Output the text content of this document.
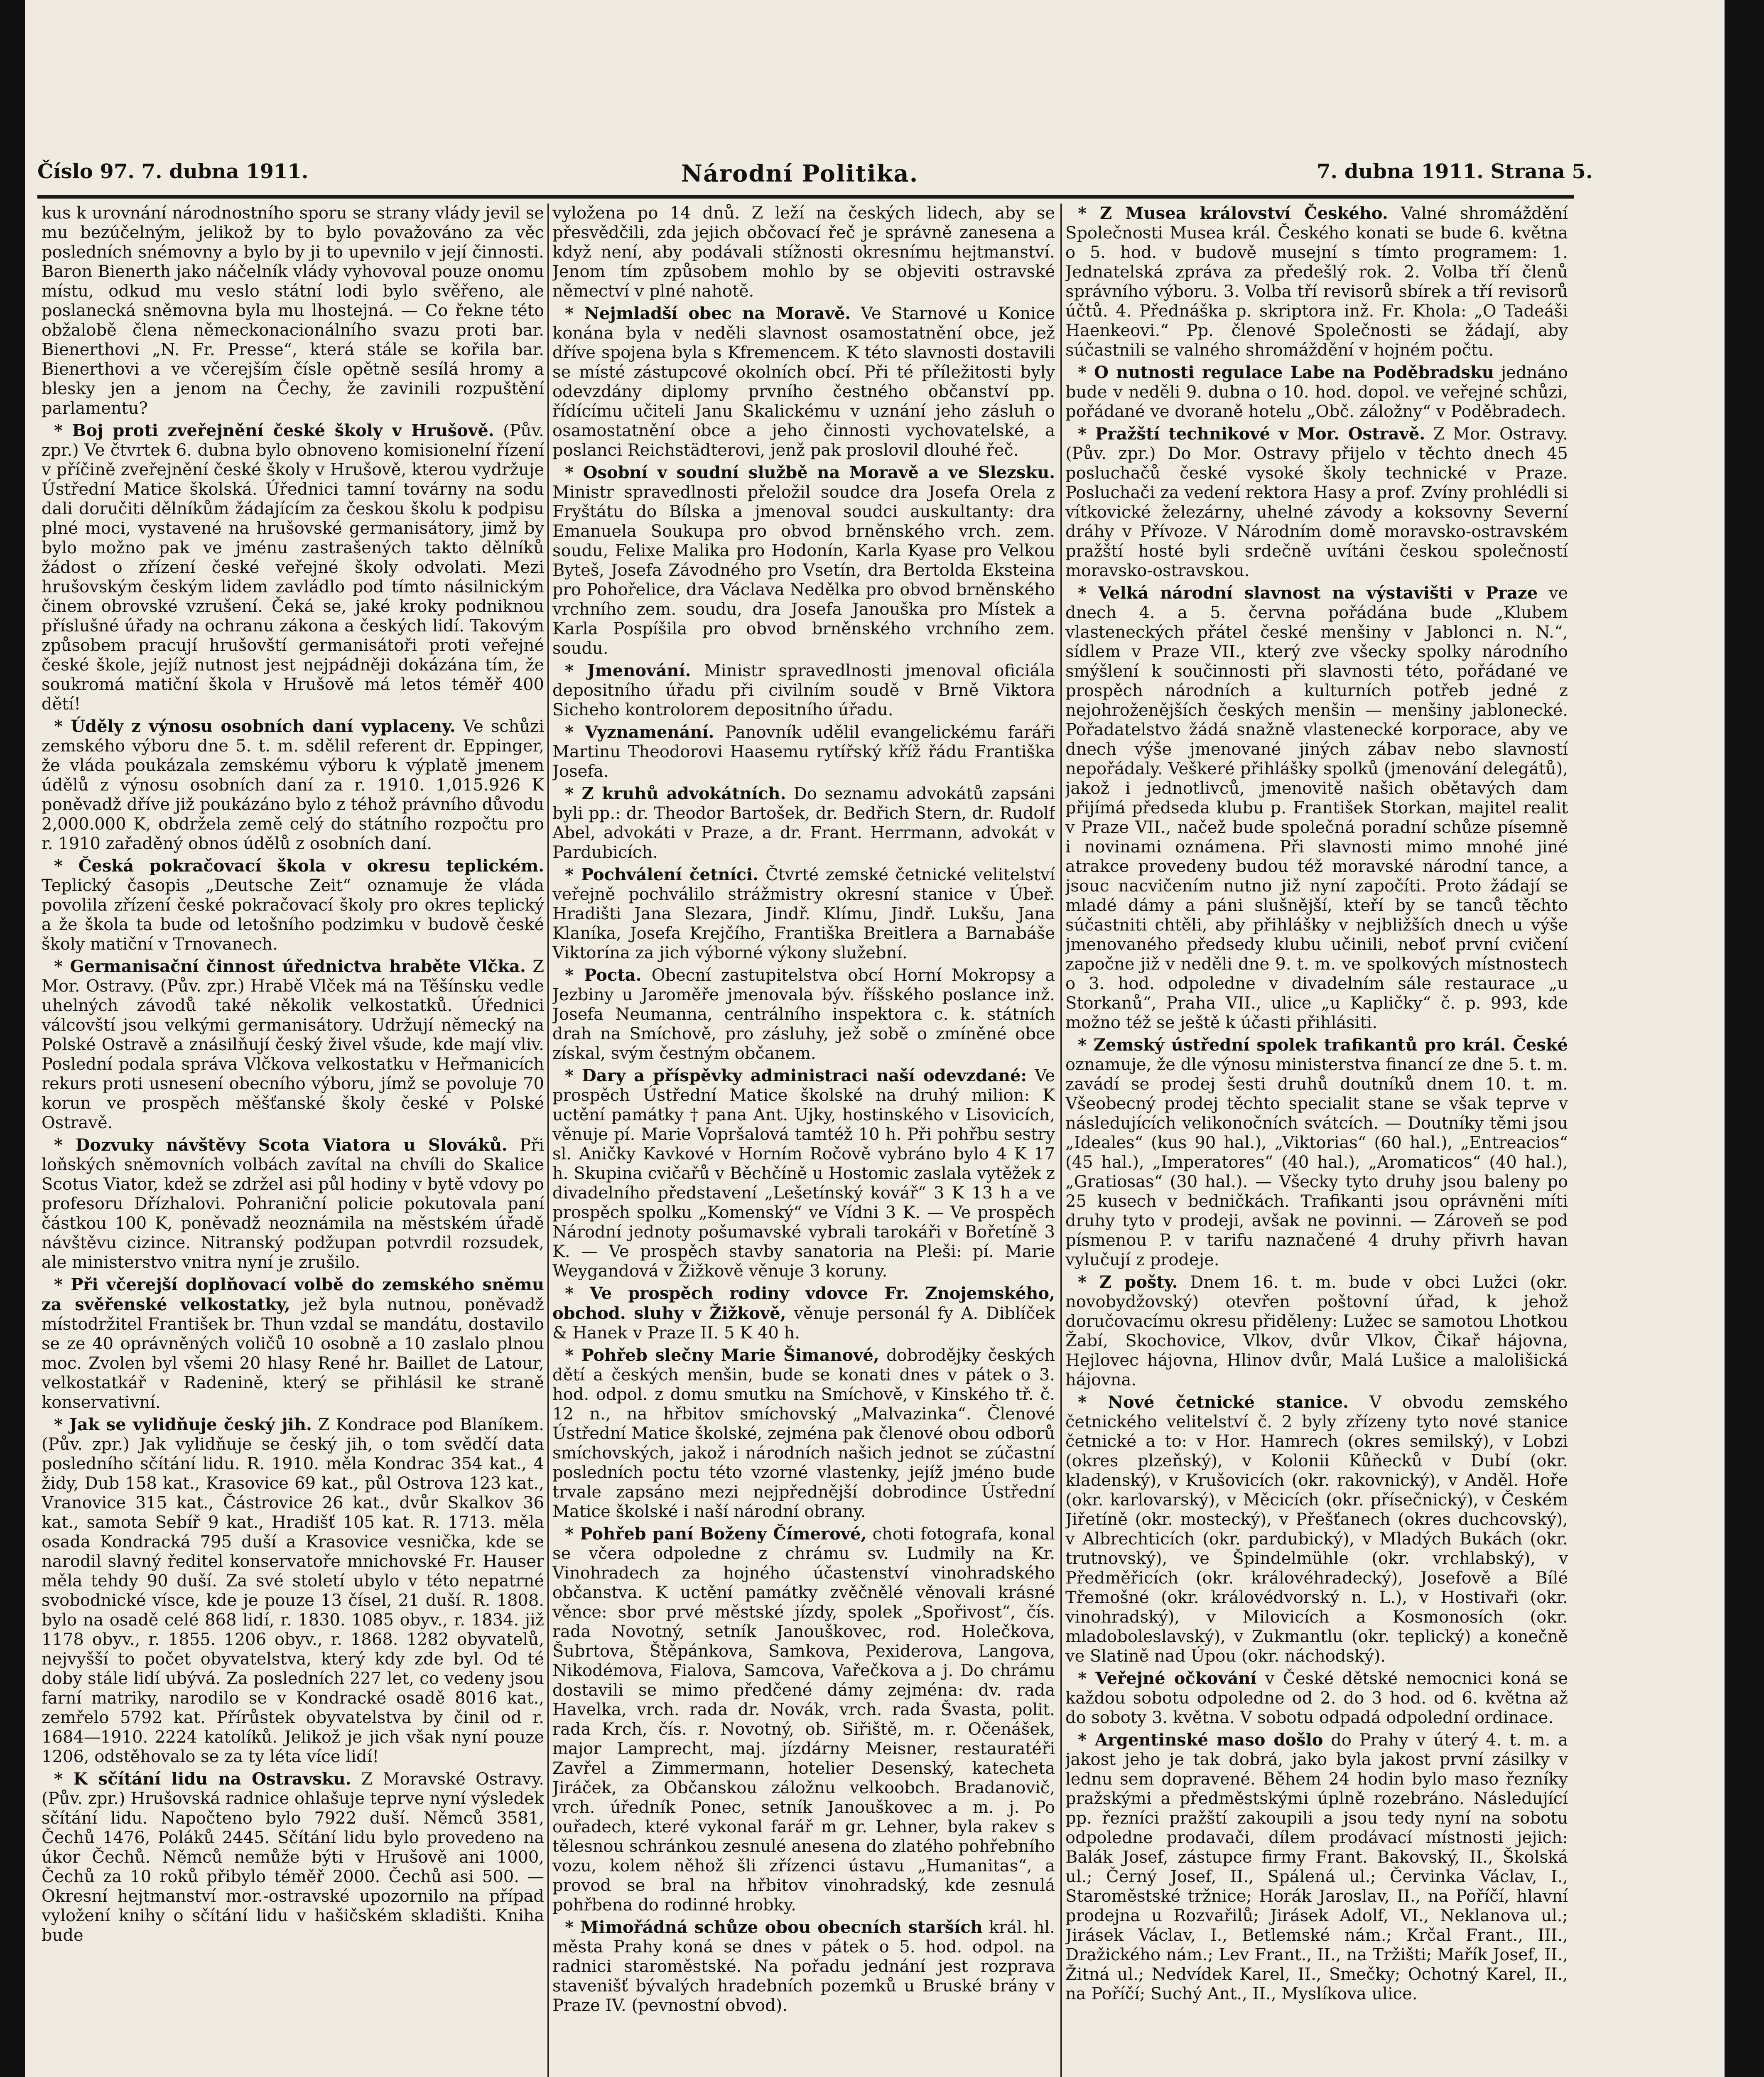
Číslo 97. 7. dubna 1911.	Národní Politika.	7. dubna 1911. Strana 5.

kus k urovnání národnostního sporu se strany vlády jevil se mu bezúčelným, jelikož by to bylo považováno za věc posledních snémovny a bylo by ji to upevnilo v její činnosti. Baron Bienerth jako náčelník vlády vyhovoval pouze onomu místu, odkud mu veslo státní lodi bylo svěřeno, ale poslanecká sněmovna byla mu lhostejná. — Co řekne této obžalobě člena německonacionálního svazu proti bar. Bienerthovi „N. Fr. Presse“, která stále se kořila bar. Bienerthovi a ve včerejším čísle opětně sesílá hromy a blesky jen a jenom na Čechy, že zavinili rozpuštění parlamentu?

* Boj proti zveřejnění české školy v Hrušově. (Pův. zpr.) Ve čtvrtek 6. dubna bylo obnoveno komisionelní řízení v příčině zveřejnění české školy v Hrušově, kterou vydržuje Ústřední Matice školská. Úřednici tamní továrny na sodu dali doručiti dělníkům žádajícím za českou školu k podpisu plné moci, vystavené na hrušovské germanisátory, jimž by bylo možno pak ve jménu zastrašených takto dělníků žádost o zřízení české veřejné školy odvolati. Mezi hrušovským českým lidem zavládlo pod tímto násilnickým činem obrovské vzrušení. Čeká se, jaké kroky podniknou příslušné úřady na ochranu zákona a českých lidí. Takovým způsobem pracují hrušovští germanisátoři proti veřejné české škole, jejíž nutnost jest nejpádněji dokázána tím, že soukromá matiční škola v Hrušově má letos téměř 400 dětí!

* Úděly z výnosu osobních daní vyplaceny. Ve schůzi zemského výboru dne 5. t. m. sdělil referent dr. Eppinger, že vláda poukázala zemskému výboru k výplatě jmenem údělů z výnosu osobních daní za r. 1910. 1,015.926 K poněvadž dříve již poukázáno bylo z téhož právního důvodu 2,000.000 K, obdržela země celý do státního rozpočtu pro r. 1910 zařaděný obnos údělů z osobních daní.

* Česká pokračovací škola v okresu teplickém. Teplický časopis „Deutsche Zeit“ oznamuje že vláda povolila zřízení české pokračovací školy pro okres teplický a že škola ta bude od letošního podzimku v budově české školy matiční v Trnovanech.

* Germanisační činnost úřednictva hraběte Vlčka. Z Mor. Ostravy. (Pův. zpr.) Hrabě Vlček má na Těšínsku vedle uhelných závodů také několik velkostatků. Úřednici válcovští jsou velkými germanisátory. Udržují německý na Polské Ostravě a znásilňují český živel všude, kde mají vliv. Poslední podala správa Vlčkova velkostatku v Heřmanicích rekurs proti usnesení obecního výboru, jímž se povoluje 70 korun ve prospěch měšťanské školy české v Polské Ostravě.

* Dozvuky návštěvy Scota Viatora u Slováků. Při loňských sněmovních volbách zavítal na chvíli do Skalice Scotus Viator, kdež se zdržel asi půl hodiny v bytě vdovy po profesoru Dřízhalovi. Pohraniční policie pokutovala paní částkou 100 K, poněvadž neoznámila na městském úřadě návštěvu cizince. Nitranský podžupan potvrdil rozsudek, ale ministerstvo vnitra nyní je zrušilo.

* Při včerejší doplňovací volbě do zemského sněmu za svěřenské velkostatky, jež byla nutnou, poněvadž místodržitel František br. Thun vzdal se mandátu, dostavilo se ze 40 oprávněných voličů 10 osobně a 10 zaslalo plnou moc. Zvolen byl všemi 20 hlasy René hr. Baillet de Latour, velkostatkář v Radenině, který se přihlásil ke straně konservativní.

* Jak se vylidňuje český jih. Z Kondrace pod Blaníkem. (Pův. zpr.) Jak vylidňuje se český jih, o tom svědčí data posledního sčítání lidu. R. 1910. měla Kondrac 354 kat., 4 židy, Dub 158 kat., Krasovice 69 kat., půl Ostrova 123 kat., Vranovice 315 kat., Částrovice 26 kat., dvůr Skalkov 36 kat., samota Sebíř 9 kat., Hradišť 105 kat. R. 1713. měla osada Kondracká 795 duší a Krasovice vesnička, kde se narodil slavný ředitel konservatoře mnichovské Fr. Hauser měla tehdy 90 duší. Za své století ubylo v této nepatrné svobodnické vísce, kde je pouze 13 čísel, 21 duší. R. 1808. bylo na osadě celé 868 lidí, r. 1830. 1085 obyv., r. 1834. již 1178 obyv., r. 1855. 1206 obyv., r. 1868. 1282 obyvatelů, nejvyšší to počet obyvatelstva, který kdy zde byl. Od té doby stále lidí ubývá. Za posledních 227 let, co vedeny jsou farní matriky, narodilo se v Kondracké osadě 8016 kat., zemřelo 5792 kat. Přírůstek obyvatelstva by činil od r. 1684—1910. 2224 katolíků. Jelikož je jich však nyní pouze 1206, odstěhovalo se za ty léta více lidí!

* K sčítání lidu na Ostravsku. Z Moravské Ostravy. (Pův. zpr.) Hrušovská radnice ohlašuje teprve nyní výsledek sčítání lidu. Napočteno bylo 7922 duší. Němců 3581, Čechů 1476, Poláků 2445. Sčítání lidu bylo provedeno na úkor Čechů. Němců nemůže býti v Hrušově ani 1000, Čechů za 10 roků přibylo téměř 2000. Čechů asi 500. — Okresní hejtmanství mor.-ostravské upozornilo na případ vyložení knihy o sčítání lidu v hašičském skladišti. Kniha bude

vyložena po 14 dnů. Z leží na českých lidech, aby se přesvědčili, zda jejich občovací řeč je správně zanesena a když není, aby podávali stížnosti okresnímu hejtmanství. Jenom tím způsobem mohlo by se objeviti ostravské němectví v plné nahotě.

* Nejmladší obec na Moravě. Ve Starnové u Konice konána byla v neděli slavnost osamostatnění obce, jež dříve spojena byla s Kfremencem. K této slavnosti dostavili se místé zástupcové okolních obcí. Při té příležitosti byly odevzdány diplomy prvního čestného občanství pp. řídícímu učiteli Janu Skalickému v uznání jeho zásluh o osamostatnění obce a jeho činnosti vychovatelské, a poslanci Reichstädterovi, jenž pak proslovil dlouhé řeč.

* Osobní v soudní službě na Moravě a ve Slezsku. Ministr spravedlnosti přeložil soudce dra Josefa Orela z Fryštátu do Bílska a jmenoval soudci auskultanty: dra Emanuela Soukupa pro obvod brněnského vrch. zem. soudu, Felixe Malika pro Hodonín, Karla Kyase pro Velkou Byteš, Josefa Závodného pro Vsetín, dra Bertolda Eksteina pro Pohořelice, dra Václava Nedělka pro obvod brněnského vrchního zem. soudu, dra Josefa Janouška pro Místek a Karla Pospíšila pro obvod brněnského vrchního zem. soudu.

* Jmenování. Ministr spravedlnosti jmenoval oficiála depositního úřadu při civilním soudě v Brně Viktora Sicheho kontrolorem depositního úřadu.

* Vyznamenání. Panovník udělil evangelickému faráři Martinu Theodorovi Haasemu rytířský kříž řádu Františka Josefa.

* Z kruhů advokátních. Do seznamu advokátů zapsáni byli pp.: dr. Theodor Bartošek, dr. Bedřich Stern, dr. Rudolf Abel, advokáti v Praze, a dr. Frant. Herrmann, advokát v Pardubicích.

* Pochválení četníci. Čtvrté zemské četnické velitelství veřejně pochválilo strážmistry okresní stanice v Úbeř. Hradišti Jana Slezara, Jindř. Klímu, Jindř. Lukšu, Jana Klaníka, Josefa Krejčího, Františka Breitlera a Barnabáše Viktorína za jich výborné výkony služební.

* Pocta. Obecní zastupitelstva obcí Horní Mokropsy a Jezbiny u Jaroměře jmenovala býv. říšského poslance inž. Josefa Neumanna, centrálního inspektora c. k. státních drah na Smíchově, pro zásluhy, jež sobě o zmíněné obce získal, svým čestným občanem.

* Dary a příspěvky administraci naší odevzdané: Ve prospěch Ústřední Matice školské na druhý milion: K uctění památky † pana Ant. Ujky, hostinského v Lisovicích, věnuje pí. Marie Vopršalová tamtéž 10 h. Při pohřbu sestry sl. Aničky Kavkové v Horním Ročově vybráno bylo 4 K 17 h. Skupina cvičařů v Běchčíně u Hostomic zaslala vytěžek z divadelního představení „Lešetínský kovář“ 3 K 13 h a ve prospěch spolku „Komenský“ ve Vídni 3 K. — Ve prospěch Národní jednoty pošumavské vybrali tarokáři v Bořetíně 3 K. — Ve prospěch stavby sanatoria na Pleši: pí. Marie Weygandová v Žižkově věnuje 3 koruny.

* Ve prospěch rodiny vdovce Fr. Znojemského, obchod. sluhy v Žižkově, věnuje personál fy A. Diblíček & Hanek v Praze II. 5 K 40 h.

* Pohřeb slečny Marie Šimanové, dobrodějky českých dětí a českých menšin, bude se konati dnes v pátek o 3. hod. odpol. z domu smutku na Smíchově, v Kinského tř. č. 12 n., na hřbitov smíchovský „Malvazinka“. Členové Ústřední Matice školské, zejména pak členové obou odborů smíchovských, jakož i národních našich jednot se zúčastní posledních poctu této vzorné vlastenky, jejíž jméno bude trvale zapsáno mezi nejpřednější dobrodince Ústřední Matice školské i naší národní obrany.

* Pohřeb paní Boženy Čímerové, choti fotografa, konal se včera odpoledne z chrámu sv. Ludmily na Kr. Vinohradech za hojného účastenství vinohradského občanstva. K uctění památky zvěčnělé věnovali krásné věnce: sbor prvé městské jízdy, spolek „Spořivost“, čís. rada Novotný, setník Janouškovec, rod. Holečkova, Šubrtova, Štěpánkova, Samkova, Pexiderova, Langova, Nikodémova, Fialova, Samcova, Vařečkova a j. Do chrámu dostavili se mimo předčené dámy zejména: dv. rada Havelka, vrch. rada dr. Novák, vrch. rada Švasta, polit. rada Krch, čís. r. Novotný, ob. Siřiště, m. r. Očenášek, major Lamprecht, maj. jízdárny Meisner, restauratéři Zavřel a Zimmermann, hotelier Desenský, katecheta Jiráček, za Občanskou záložnu velkoobch. Bradanovič, vrch. úředník Ponec, setník Janouškovec a m. j. Po ouřadech, které vykonal farář m gr. Lehner, byla rakev s tělesnou schránkou zesnulé anesena do zlatého pohřebního vozu, kolem něhož šli zřízenci ústavu „Humanitas“, a provod se bral na hřbitov vinohradský, kde zesnulá pohřbena do rodinné hrobky.

* Mimořádná schůze obou obecních starších král. hl. města Prahy koná se dnes v pátek o 5. hod. odpol. na radnici staroměstské. Na pořadu jednání jest rozprava stavenišť bývalých hradebních pozemků u Bruské brány v Praze IV. (pevnostní obvod).

* Z Musea království Českého. Valné shromáždění Společnosti Musea král. Českého konati se bude 6. května o 5. hod. v budově musejní s tímto programem: 1. Jednatelská zpráva za předešlý rok. 2. Volba tří členů správního výboru. 3. Volba tří revisorů sbírek a tří revisorů účtů. 4. Přednáška p. skriptora inž. Fr. Khola: „O Tadeáši Haenkeovi.“ Pp. členové Společnosti se žádají, aby súčastnili se valného shromáždění v hojném počtu.

* O nutnosti regulace Labe na Poděbradsku jednáno bude v neděli 9. dubna o 10. hod. dopol. ve veřejné schůzi, pořádané ve dvoraně hotelu „Obč. záložny“ v Poděbradech.

* Pražští technikové v Mor. Ostravě. Z Mor. Ostravy. (Pův. zpr.) Do Mor. Ostravy přijelo v těchto dnech 45 posluchačů české vysoké školy technické v Praze. Posluchači za vedení rektora Hasy a prof. Zvíny prohlédli si vítkovické železárny, uhelné závody a koksovny Severní dráhy v Přívoze. V Národním domě moravsko-ostravském pražští hosté byli srdečně uvítáni českou společností moravsko-ostravskou.

* Velká národní slavnost na výstavišti v Praze ve dnech 4. a 5. června pořádána bude „Klubem vlasteneckých přátel české menšiny v Jablonci n. N.“, sídlem v Praze VII., který zve všecky spolky národního smýšlení k součinnosti při slavnosti této, pořádané ve prospěch národních a kulturních potřeb jedné z nejohroženějších českých menšin — menšiny jablonecké. Pořadatelstvo žádá snažně vlastenecké korporace, aby ve dnech výše jmenované jiných zábav nebo slavností nepořádaly. Veškeré přihlášky spolků (jmenování delegátů), jakož i jednotlivců, jmenovitě našich obětavých dam přijímá předseda klubu p. František Storkan, majitel realit v Praze VII., načež bude společná poradní schůze písemně i novinami oznámena. Při slavnosti mimo mnohé jiné atrakce provedeny budou též moravské národní tance, a jsouc nacvičením nutno již nyní započíti. Proto žádají se mladé dámy a páni slušnější, kteří by se tanců těchto súčastniti chtěli, aby přihlášky v nejbližších dnech u výše jmenovaného předsedy klubu učinili, neboť první cvičení započne již v neděli dne 9. t. m. ve spolkových místnostech o 3. hod. odpoledne v divadelním sále restaurace „u Storkanů“, Praha VII., ulice „u Kapličky“ č. p. 993, kde možno též se ještě k účasti přihlásiti.

* Zemský ústřední spolek trafikantů pro král. České oznamuje, že dle výnosu ministerstva financí ze dne 5. t. m. zavádí se prodej šesti druhů doutníků dnem 10. t. m. Všeobecný prodej těchto specialit stane se však teprve v následujících velikonočních svátcích. — Doutníky těmi jsou „Ideales“ (kus 90 hal.), „Viktorias“ (60 hal.), „Entreacios“ (45 hal.), „Imperatores“ (40 hal.), „Aromaticos“ (40 hal.), „Gratiosas“ (30 hal.). — Všecky tyto druhy jsou baleny po 25 kusech v bedničkách. Trafikanti jsou oprávněni míti druhy tyto v prodeji, avšak ne povinni. — Zároveň se pod písmenou P. v tarifu naznačené 4 druhy přivrh havan vylučují z prodeje.

* Z pošty. Dnem 16. t. m. bude v obci Lužci (okr. novobydžovský) otevřen poštovní úřad, k jehož doručovacímu okresu přiděleny: Lužec se samotou Lhotkou Žabí, Skochovice, Vlkov, dvůr Vlkov, Čikař hájovna, Hejlovec hájovna, Hlinov dvůr, Malá Lušice a malolišická hájovna.

* Nové četnické stanice. V obvodu zemského četnického velitelství č. 2 byly zřízeny tyto nové stanice četnické a to: v Hor. Hamrech (okres semilský), v Lobzi (okres plzeňský), v Kolonii Kůňecků v Dubí (okr. kladenský), v Krušovicích (okr. rakovnický), v Anděl. Hoře (okr. karlovarský), v Měcicích (okr. přísečnický), v Českém Jiřetíně (okr. mostecký), v Přešťanech (okres duchcovský), v Albrechticích (okr. pardubický), v Mladých Bukách (okr. trutnovský), ve Špindelmühle (okr. vrchlabský), v Předměřicích (okr. královéhradecký), Josefově a Bílé Třemošné (okr. královédvorský n. L.), v Hostivaři (okr. vinohradský), v Milovicích a Kosmonosích (okr. mladoboleslavský), v Zukmantlu (okr. teplický) a konečně ve Slatině nad Úpou (okr. náchodský).

* Veřejné očkování v České dětské nemocnici koná se každou sobotu odpoledne od 2. do 3 hod. od 6. května až do soboty 3. května. V sobotu odpadá odpolední ordinace.

* Argentinské maso došlo do Prahy v úterý 4. t. m. a jakost jeho je tak dobrá, jako byla jakost první zásilky v lednu sem dopravené. Během 24 hodin bylo maso řezníky pražskými a předměstskými úplně rozebráno. Následující pp. řezníci pražští zakoupili a jsou tedy nyní na sobotu odpoledne prodavači, dílem prodávací místnosti jejich: Balák Josef, zástupce firmy Frant. Bakovský, II., Školská ul.; Černý Josef, II., Spálená ul.; Červinka Václav, I., Staroměstské tržnice; Horák Jaroslav, II., na Poříčí, hlavní prodejna u Rozvařilů; Jirásek Adolf, VI., Neklanova ul.; Jirásek Václav, I., Betlemské nám.; Krčal Frant., III., Dražického nám.; Lev Frant., II., na Tržišti; Mařík Josef, II., Žitná ul.; Nedvídek Karel, II., Smečky; Ochotný Karel, II., na Poříčí; Suchý Ant., II., Myslíkova ulice.
